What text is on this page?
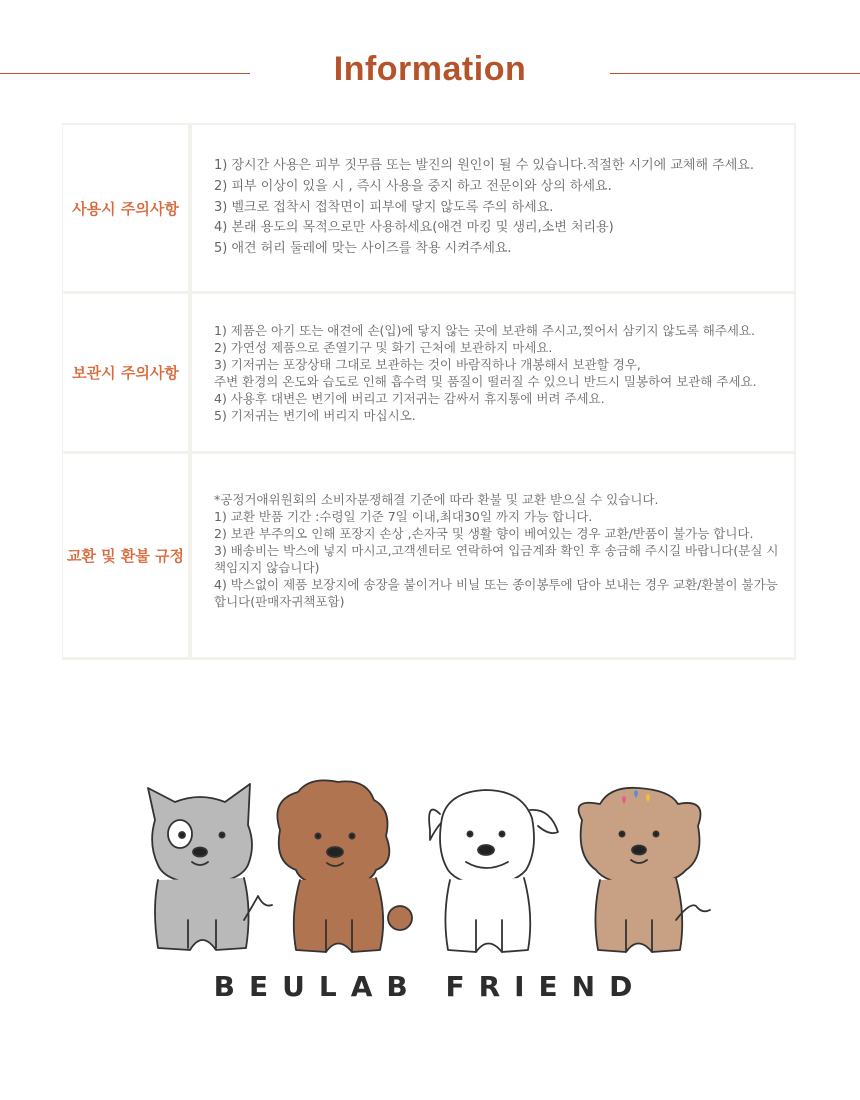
Information
사용시 주의사항

1) 장시간 사용은 피부 짓무름 또는 발진의 원인이 될 수 있습니다.적절한 시기에 교체해 주세요.

2) 피부 이상이 있을 시 , 즉시 사용을 중지 하고 전문이와 상의 하세요.

3) 벨크로 접착시 접착면이 피부에 닿지 않도록 주의 하세요.

4) 본래 용도의 목적으로만 사용하세요(애견 마킹 및 생리,소변 처리용)

5) 애견 허리 둘레에 맞는 사이즈를 착용 시켜주세요.

보관시 주의사항

1) 제품은 아기 또는 애견에 손(입)에 닿지 않는 곳에 보관해 주시고,찢어서 삼키지 않도록 해주세요.

2) 가연성 제품으로 존열기구 및 화기 근처에 보관하지 마세요.

3) 기저귀는 포장상태 그대로 보관하는 것이 바람직하나 개봉해서 보관할 경우,

주변 환경의 온도와 습도로 인해 흡수력 및 품질이 떨러질 수 있으니 반드시 밀봉하여 보관해 주세요.

4) 사용후 대변은 변기에 버리고 기저귀는 감싸서 휴지통에 버려 주세요.

5) 기저귀는 변기에 버리지 마십시오.

교환 및 환불 규정

*공정거애위원회의 소비자분쟁해결 기준에 따라 환불 및 교환 받으실 수 있습니다.

1) 교환 반품 기간 :수령일 기준 7일 이내,최대30일 까지 가능 합니다.

2) 보관 부주의오 인해 포장지 손상 ,손자국 및 생활 향이 베여있는 경우 교환/반품이 불가능 합니다.

3) 배송비는 박스에 넣지 마시고,고객센터로 연락하여 입금계좌 확인 후 송금해 주시길 바랍니다(분실 시 책임지지 않습니다)

4) 박스없이 제품 보장지에 송장을 붙이거나 비닐 또는 종이봉투에 담아 보내는 경우 교환/환불이 불가능 합니다(판매자귀책포함)

BEULAB FRIEND
